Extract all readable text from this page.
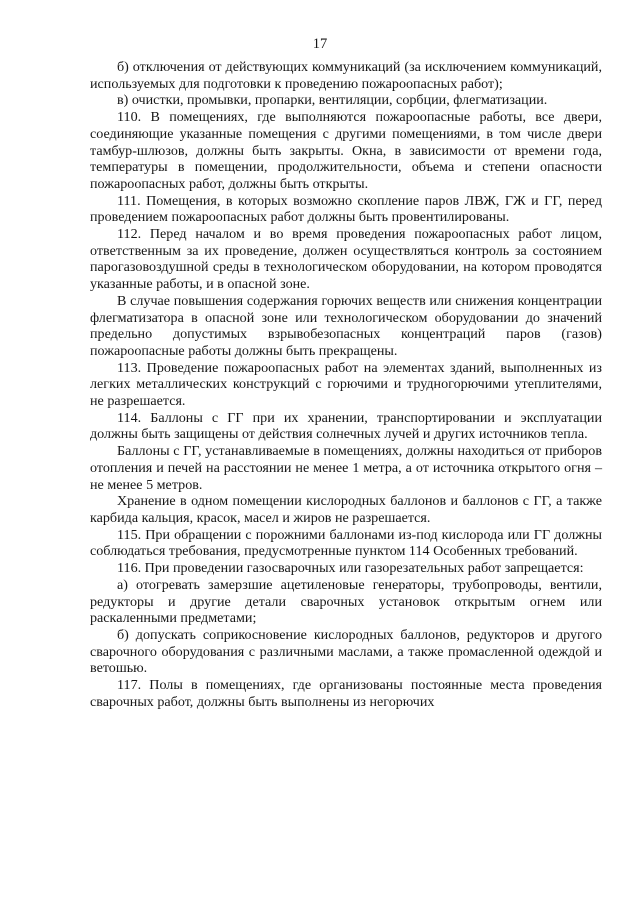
17

б) отключения от действующих коммуникаций (за исключением коммуникаций, используемых для подготовки к проведению пожароопасных работ);

в) очистки, промывки, пропарки, вентиляции, сорбции, флегматизации.

110. В помещениях, где выполняются пожароопасные работы, все двери, соединяющие указанные помещения с другими помещениями, в том числе двери тамбур-шлюзов, должны быть закрыты. Окна, в зависимости от времени года, температуры в помещении, продолжительности, объема и степени опасности пожароопасных работ, должны быть открыты.

111. Помещения, в которых возможно скопление паров ЛВЖ, ГЖ и ГГ, перед проведением пожароопасных работ должны быть провентилированы.

112. Перед началом и во время проведения пожароопасных работ лицом, ответственным за их проведение, должен осуществляться контроль за состоянием парогазовоздушной среды в технологическом оборудовании, на котором проводятся указанные работы, и в опасной зоне.

В случае повышения содержания горючих веществ или снижения концентрации флегматизатора в опасной зоне или технологическом оборудовании до значений предельно допустимых взрывобезопасных концентраций паров (газов) пожароопасные работы должны быть прекращены.

113. Проведение пожароопасных работ на элементах зданий, выполненных из легких металлических конструкций с горючими и трудногорючими утеплителями, не разрешается.

114. Баллоны с ГГ при их хранении, транспортировании и эксплуатации должны быть защищены от действия солнечных лучей и других источников тепла.

Баллоны с ГГ, устанавливаемые в помещениях, должны находиться от приборов отопления и печей на расстоянии не менее 1 метра, а от источника открытого огня – не менее 5 метров.

Хранение в одном помещении кислородных баллонов и баллонов с ГГ, а также карбида кальция, красок, масел и жиров не разрешается.

115. При обращении с порожними баллонами из-под кислорода или ГГ должны соблюдаться требования, предусмотренные пунктом 114 Особенных требований.

116. При проведении газосварочных или газорезательных работ запрещается:

а) отогревать замерзшие ацетиленовые генераторы, трубопроводы, вентили, редукторы и другие детали сварочных установок открытым огнем или раскаленными предметами;

б) допускать соприкосновение кислородных баллонов, редукторов и другого сварочного оборудования с различными маслами, а также промасленной одеждой и ветошью.

117. Полы в помещениях, где организованы постоянные места проведения сварочных работ, должны быть выполнены из негорючих
